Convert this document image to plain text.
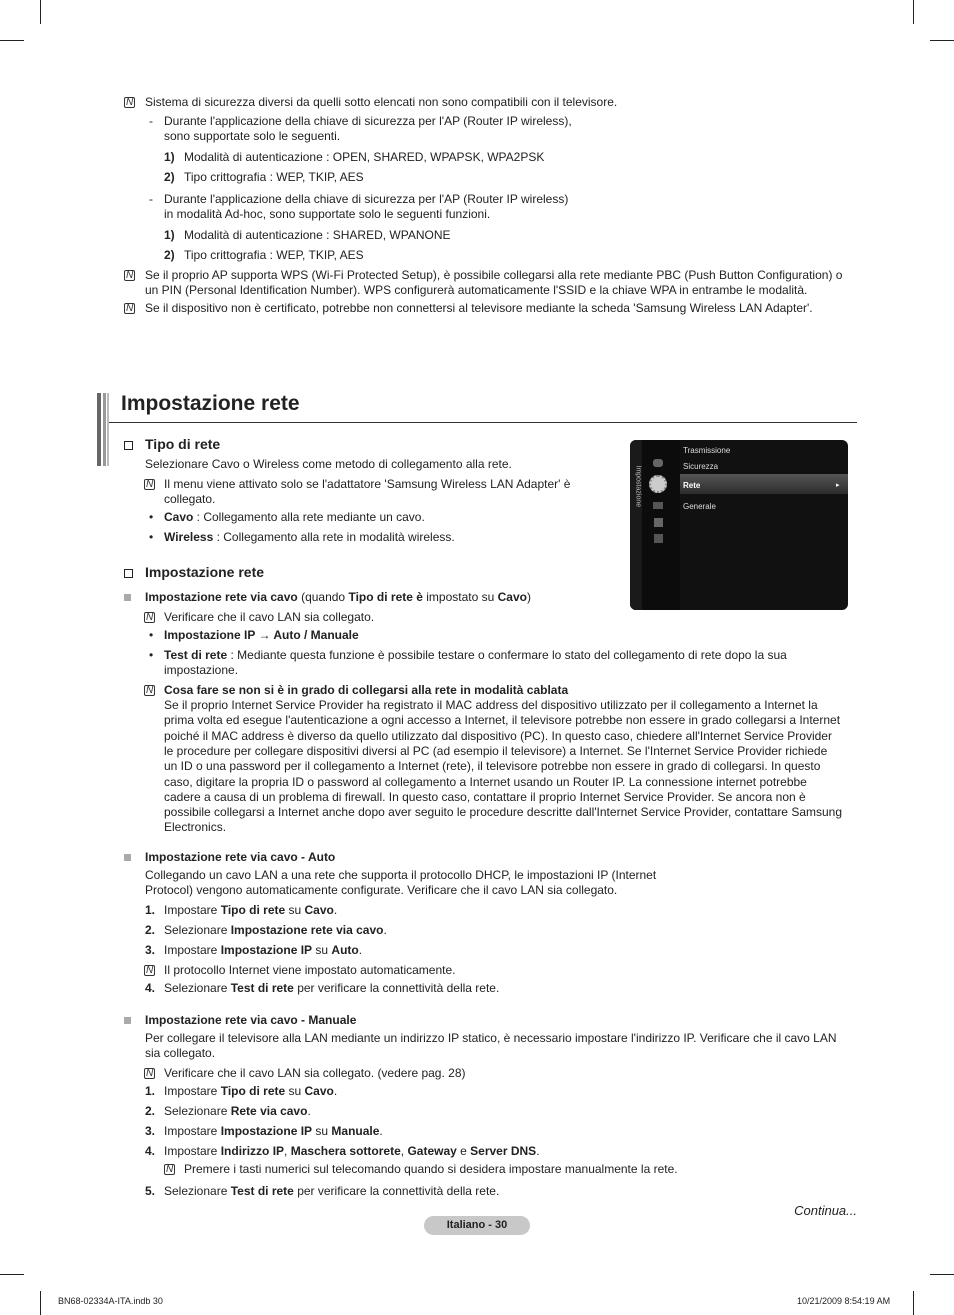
N
Sistema di sicurezza diversi da quelli sotto elencati non sono compatibili con il televisore.
- Durante l'applicazione della chiave di sicurezza per l'AP (Router IP wireless),
sono supportate solo le seguenti.
1) Modalità di autenticazione : OPEN, SHARED, WPAPSK, WPA2PSK
2) Tipo crittografia : WEP, TKIP, AES
- Durante l'applicazione della chiave di sicurezza per l'AP (Router IP wireless)
in modalità Ad-hoc, sono supportate solo le seguenti funzioni.
1) Modalità di autenticazione : SHARED, WPANONE
2) Tipo crittografia : WEP, TKIP, AES
N
Se il proprio AP supporta WPS (Wi-Fi Protected Setup), è possibile collegarsi alla rete mediante PBC (Push Button Configuration) o
un PIN (Personal Identification Number). WPS configurerà automaticamente l'SSID e la chiave WPA in entrambe le modalità.
N
Se il dispositivo non è certificato, potrebbe non connettersi al televisore mediante la scheda 'Samsung Wireless LAN Adapter'.
Impostazione rete
Tipo di rete
Selezionare Cavo o Wireless come metodo di collegamento alla rete.
N
Il menu viene attivato solo se l'adattatore 'Samsung Wireless LAN Adapter' è
collegato.
• Cavo : Collegamento alla rete mediante un cavo.
• Wireless : Collegamento alla rete in modalità wireless.
Impostazione
Trasmissione
Sicurezza
Rete	▸
Generale
Impostazione rete
Impostazione rete via cavo (quando Tipo di rete è impostato su Cavo)
N
Verificare che il cavo LAN sia collegato.
• Impostazione IP → Auto / Manuale
• Test di rete : Mediante questa funzione è possibile testare o confermare lo stato del collegamento di rete dopo la sua
impostazione.
N
Cosa fare se non si è in grado di collegarsi alla rete in modalità cablata
Se il proprio Internet Service Provider ha registrato il MAC address del dispositivo utilizzato per il collegamento a Internet la
prima volta ed esegue l'autenticazione a ogni accesso a Internet, il televisore potrebbe non essere in grado collegarsi a Internet
poiché il MAC address è diverso da quello utilizzato dal dispositivo (PC). In questo caso, chiedere all'Internet Service Provider
le procedure per collegare dispositivi diversi al PC (ad esempio il televisore) a Internet. Se l'Internet Service Provider richiede
un ID o una password per il collegamento a Internet (rete), il televisore potrebbe non essere in grado di collegarsi. In questo
caso, digitare la propria ID o password al collegamento a Internet usando un Router IP. La connessione internet potrebbe
cadere a causa di un problema di firewall. In questo caso, contattare il proprio Internet Service Provider. Se ancora non è
possibile collegarsi a Internet anche dopo aver seguito le procedure descritte dall'Internet Service Provider, contattare Samsung
Electronics.
Impostazione rete via cavo - Auto
Collegando un cavo LAN a una rete che supporta il protocollo DHCP, le impostazioni IP (Internet
Protocol) vengono automaticamente configurate. Verificare che il cavo LAN sia collegato.
1. Impostare Tipo di rete su Cavo.
2. Selezionare Impostazione rete via cavo.
3. Impostare Impostazione IP su Auto.
N
Il protocollo Internet viene impostato automaticamente.
4. Selezionare Test di rete per verificare la connettività della rete.
Impostazione rete via cavo - Manuale
Per collegare il televisore alla LAN mediante un indirizzo IP statico, è necessario impostare l'indirizzo IP. Verificare che il cavo LAN
sia collegato.
N
Verificare che il cavo LAN sia collegato. (vedere pag. 28)
1. Impostare Tipo di rete su Cavo.
2. Selezionare Rete via cavo.
3. Impostare Impostazione IP su Manuale.
4. Impostare Indirizzo IP, Maschera sottorete, Gateway e Server DNS.
N
Premere i tasti numerici sul telecomando quando si desidera impostare manualmente la rete.
5. Selezionare Test di rete per verificare la connettività della rete.
Continua...
Italiano - 30
BN68-02334A-ITA.indb 30	10/21/2009 8:54:19 AM
